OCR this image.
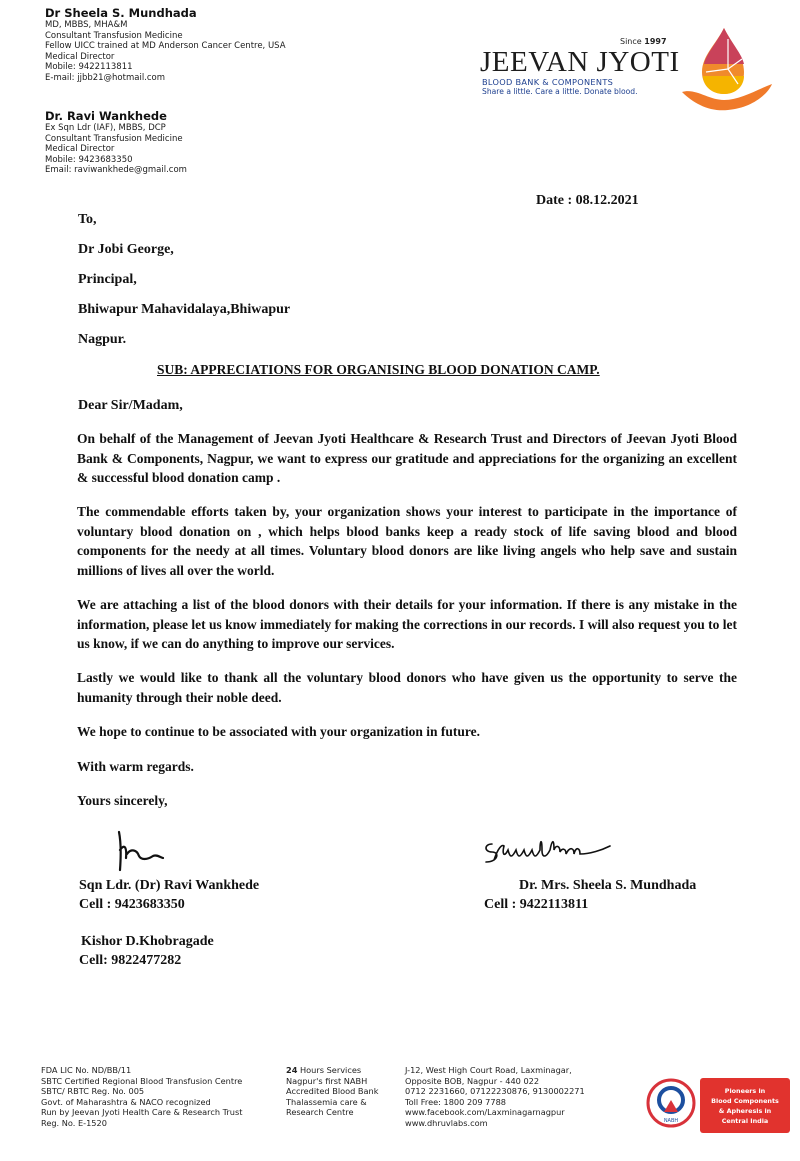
Dr Sheela S. Mundhada
MD, MBBS, MHA&M
Consultant Transfusion Medicine
Fellow UICC trained at MD Anderson Cancer Centre, USA
Medical Director
Mobile: 9422113811
E-mail: jjbb21@hotmail.com
Dr. Ravi Wankhede
Ex Sqn Ldr (IAF), MBBS, DCP
Consultant Transfusion Medicine
Medical Director
Mobile: 9423683350
Email: raviwankhede@gmail.com
Since 1997
JEEVAN JYOTI
BLOOD BANK & COMPONENTS
Share a little. Care a little. Donate blood.
Date : 08.12.2021
To,
Dr Jobi George,
Principal,
Bhiwapur Mahavidalaya,Bhiwapur
Nagpur.
SUB: APPRECIATIONS FOR ORGANISING BLOOD DONATION CAMP.
Dear Sir/Madam,
On behalf of the Management of Jeevan Jyoti Healthcare & Research Trust and Directors of Jeevan Jyoti Blood Bank & Components, Nagpur, we want to express our gratitude and appreciations for the organizing an excellent & successful blood donation camp .
The commendable efforts taken by, your organization shows your interest to participate in the importance of voluntary blood donation on , which helps blood banks keep a ready stock of life saving blood and blood components for the needy at all times. Voluntary blood donors are like living angels who help save and sustain millions of lives all over the world.
We are attaching a list of the blood donors with their details for your information. If there is any mistake in the information, please let us know immediately for making the corrections in our records. I will also request you to let us know, if we can do anything to improve our services.
Lastly we would like to thank all the voluntary blood donors who have given us the opportunity to serve the humanity through their noble deed.
We hope to continue to be associated with your organization in future.
With warm regards.
Yours sincerely,
Sqn Ldr. (Dr) Ravi Wankhede
Cell : 9423683350
Dr. Mrs. Sheela S. Mundhada
Cell : 9422113811
Kishor D.Khobragade
Cell: 9822477282
FDA LIC No. ND/BB/11
SBTC Certified Regional Blood Transfusion Centre
SBTC/ RBTC Reg. No. 005
Govt. of Maharashtra & NACO recognized
Run by Jeevan Jyoti Health Care & Research Trust
Reg. No. E-1520
24 Hours Services
Nagpur's first NABH
Accredited Blood Bank
Thalassemia care &
Research Centre
J-12, West High Court Road, Laxminagar,
Opposite BOB, Nagpur - 440 022
0712 2231660, 07122230876, 9130002271
Toll Free: 1800 209 7788
www.facebook.com/Laxminagarnagpur
www.dhruvlabs.com	NABH
Pioneers in
Blood Components
& Apheresis in
Central India
